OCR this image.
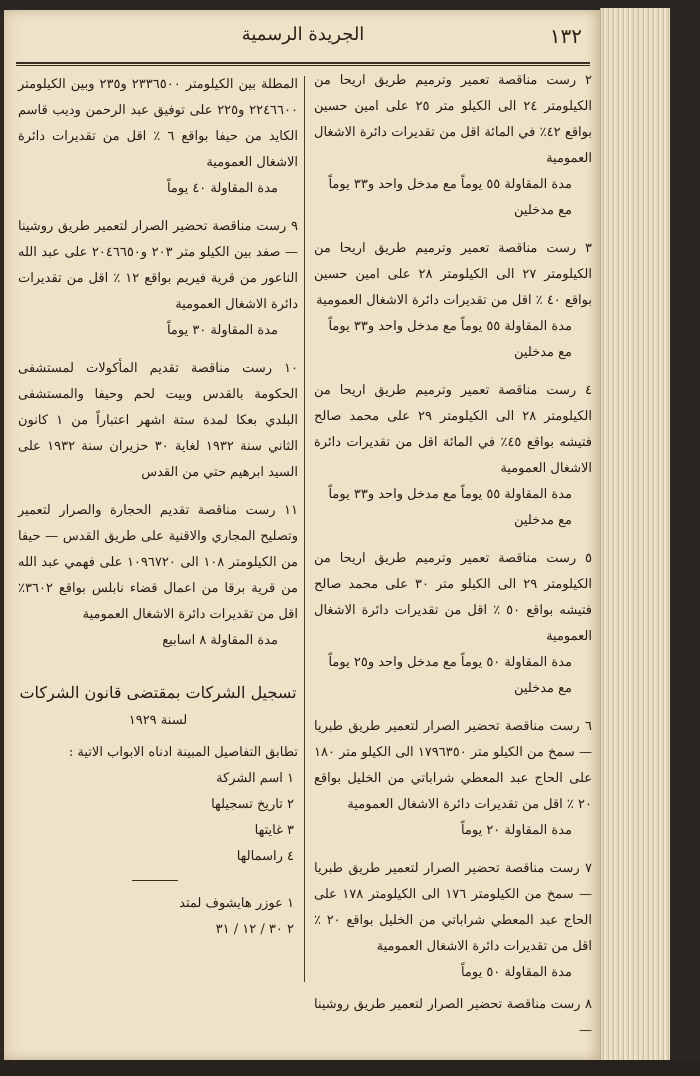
١٣٢
الجريدة الرسمية

٢ رست مناقصة تعمير وترميم طريق اريحا من الكيلومتر ٢٤ الى الكيلو متر ٢٥ على امين حسين بواقع ٤٢٪ في المائة اقل من تقديرات دائرة الاشغال العمومية

مدة المقاولة ٥٥ يوماً مع مدخل واحد و٣٣ يوماً مع مدخلين

٣ رست مناقصة تعمير وترميم طريق اريحا من الكيلومتر ٢٧ الى الكيلومتر ٢٨ على امين حسين بواقع ٤٠ ٪ اقل من تقديرات دائرة الاشغال العمومية

مدة المقاولة ٥٥ يوماً مع مدخل واحد و٣٣ يوماً مع مدخلين

٤ رست مناقصة تعمير وترميم طريق اريحا من الكيلومتر ٢٨ الى الكيلومتر ٢٩ على محمد صالح فتيشه بواقع ٤٥٪ في المائة اقل من تقديرات دائرة الاشغال العمومية

مدة المقاولة ٥٥ يوماً مع مدخل واحد و٣٣ يوماً مع مدخلين

٥ رست مناقصة تعمير وترميم طريق اريحا من الكيلومتر ٢٩ الى الكيلو متر ٣٠ على محمد صالح فتيشه بواقع ٥٠ ٪ اقل من تقديرات دائرة الاشغال العمومية

مدة المقاولة ٥٠ يوماً مع مدخل واحد و٢٥ يوماً مع مدخلين

٦ رست مناقصة تحضير الصرار لتعمير طريق طبريا — سمخ من الكيلو متر ١٧٩٦٣٥٠ الى الكيلو متر ١٨٠ على الحاج عبد المعطي شراباتي من الخليل بواقع ٢٠ ٪ اقل من تقديرات دائرة الاشغال العمومية

مدة المقاولة ٢٠ يوماً

٧ رست مناقصة تحضير الصرار لتعمير طريق طبريا — سمخ من الكيلومتر ١٧٦ الى الكيلومتر ١٧٨ على الحاج عبد المعطي شراباتي من الخليل بواقع ٢٠ ٪ اقل من تقديرات دائرة الاشغال العمومية

مدة المقاولة ٥٠ يوماً

٨ رست مناقصة تحضير الصرار لتعمير طريق روشينا —

المطلة بين الكيلومتر ٢٣٣٦٥٠٠ و٢٣٥ وبين الكيلومتر ٢٢٤٦٦٠٠ و٢٢٥ على توفيق عبد الرحمن وديب قاسم الكايد من حيفا بواقع ٦ ٪ اقل من تقديرات دائرة الاشغال العمومية

مدة المقاولة ٤٠ يوماً

٩ رست مناقصة تحضير الصرار لتعمير طريق روشينا — صفد بين الكيلو متر ٢٠٣ و٢٠٤٦٦٥٠ على عبد الله الناعور من قرية فيريم بواقع ١٢ ٪ اقل من تقديرات دائرة الاشغال العمومية

مدة المقاولة ٣٠ يوماً

١٠ رست مناقصة تقديم المأكولات لمستشفى الحكومة بالقدس وبيت لحم وحيفا والمستشفى البلدي بعكا لمدة ستة اشهر اعتباراً من ١ كانون الثاني سنة ١٩٣٢ لغاية ٣٠ حزيران سنة ١٩٣٢ على السيد ابرهيم حتي من القدس

١١ رست مناقصة تقديم الحجارة والصرار لتعمير وتصليح المجاري والاقنية على طريق القدس — حيفا من الكيلومتر ١٠٨ الى ١٠٩٦٧٢٠ على فهمي عبد الله من قرية برقا من اعمال قضاء نابلس بواقع ٣٦٠٢٪ اقل من تقديرات دائرة الاشغال العمومية

مدة المقاولة ٨ اسابيع

تسجيل الشركات بمقتضى قانون الشركات

لسنة ١٩٢٩

تطابق التفاصيل المبينة ادناه الابواب الاتية :

١ اسم الشركة

٢ تاريخ تسجيلها

٣ غايتها

٤ راسمالها

١ عوزر هايشوف لمتد

٢ ٣٠ / ١٢ / ٣١
